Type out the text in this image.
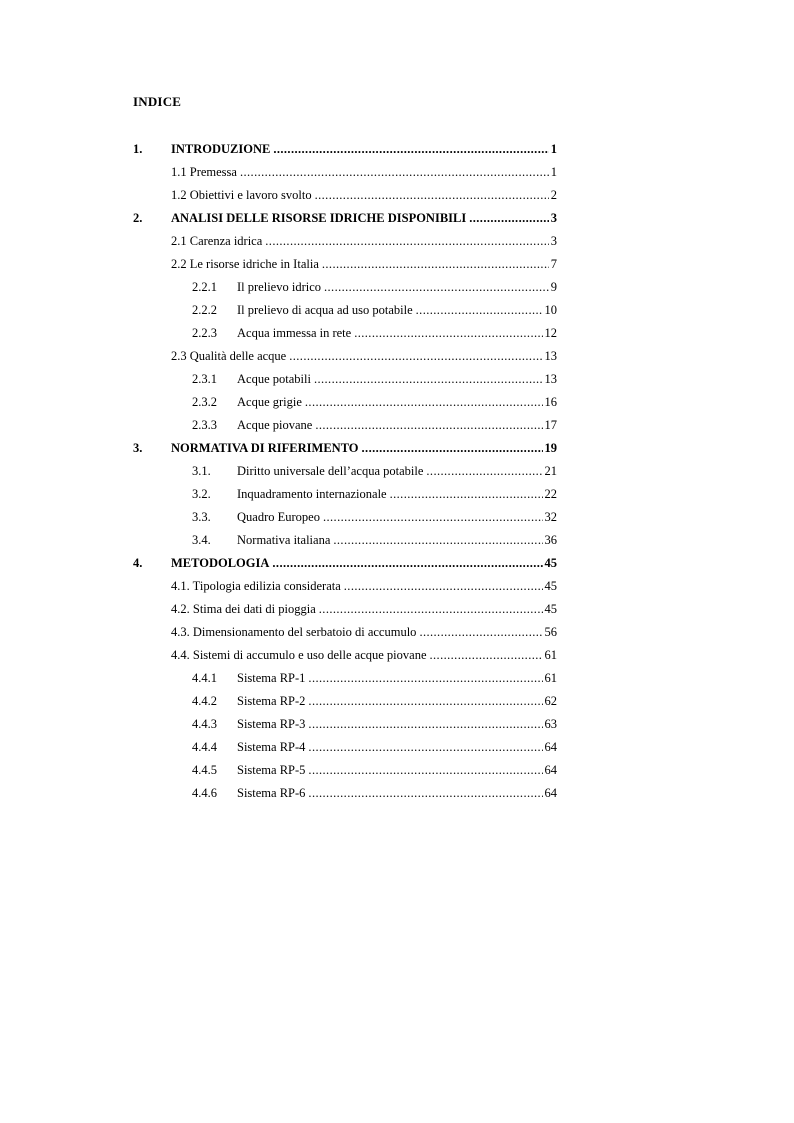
INDICE
1. INTRODUZIONE .....	1
1.1 Premessa .....	1
1.2 Obiettivi e lavoro svolto .....	2
2. ANALISI DELLE RISORSE IDRICHE DISPONIBILI .....	3
2.1 Carenza idrica .....	3
2.2 Le risorse idriche in Italia .....	7
2.2.1 Il prelievo idrico .....	9
2.2.2 Il prelievo di acqua ad uso potabile .....	10
2.2.3 Acqua immessa in rete .....	12
2.3 Qualità delle acque .....	13
2.3.1 Acque potabili .....	13
2.3.2 Acque grigie .....	16
2.3.3 Acque piovane .....	17
3. NORMATIVA DI RIFERIMENTO .....	19
3.1. Diritto universale dell’acqua potabile .....	21
3.2. Inquadramento internazionale .....	22
3.3. Quadro Europeo .....	32
3.4. Normativa italiana .....	36
4. METODOLOGIA .....	45
4.1. Tipologia edilizia considerata .....	45
4.2. Stima dei dati di pioggia .....	45
4.3. Dimensionamento del serbatoio di accumulo .....	56
4.4. Sistemi di accumulo e uso delle acque piovane .....	61
4.4.1 Sistema RP-1 .....	61
4.4.2 Sistema RP-2 .....	62
4.4.3 Sistema RP-3 .....	63
4.4.4 Sistema RP-4 .....	64
4.4.5 Sistema RP-5 .....	64
4.4.6 Sistema RP-6 .....	64
